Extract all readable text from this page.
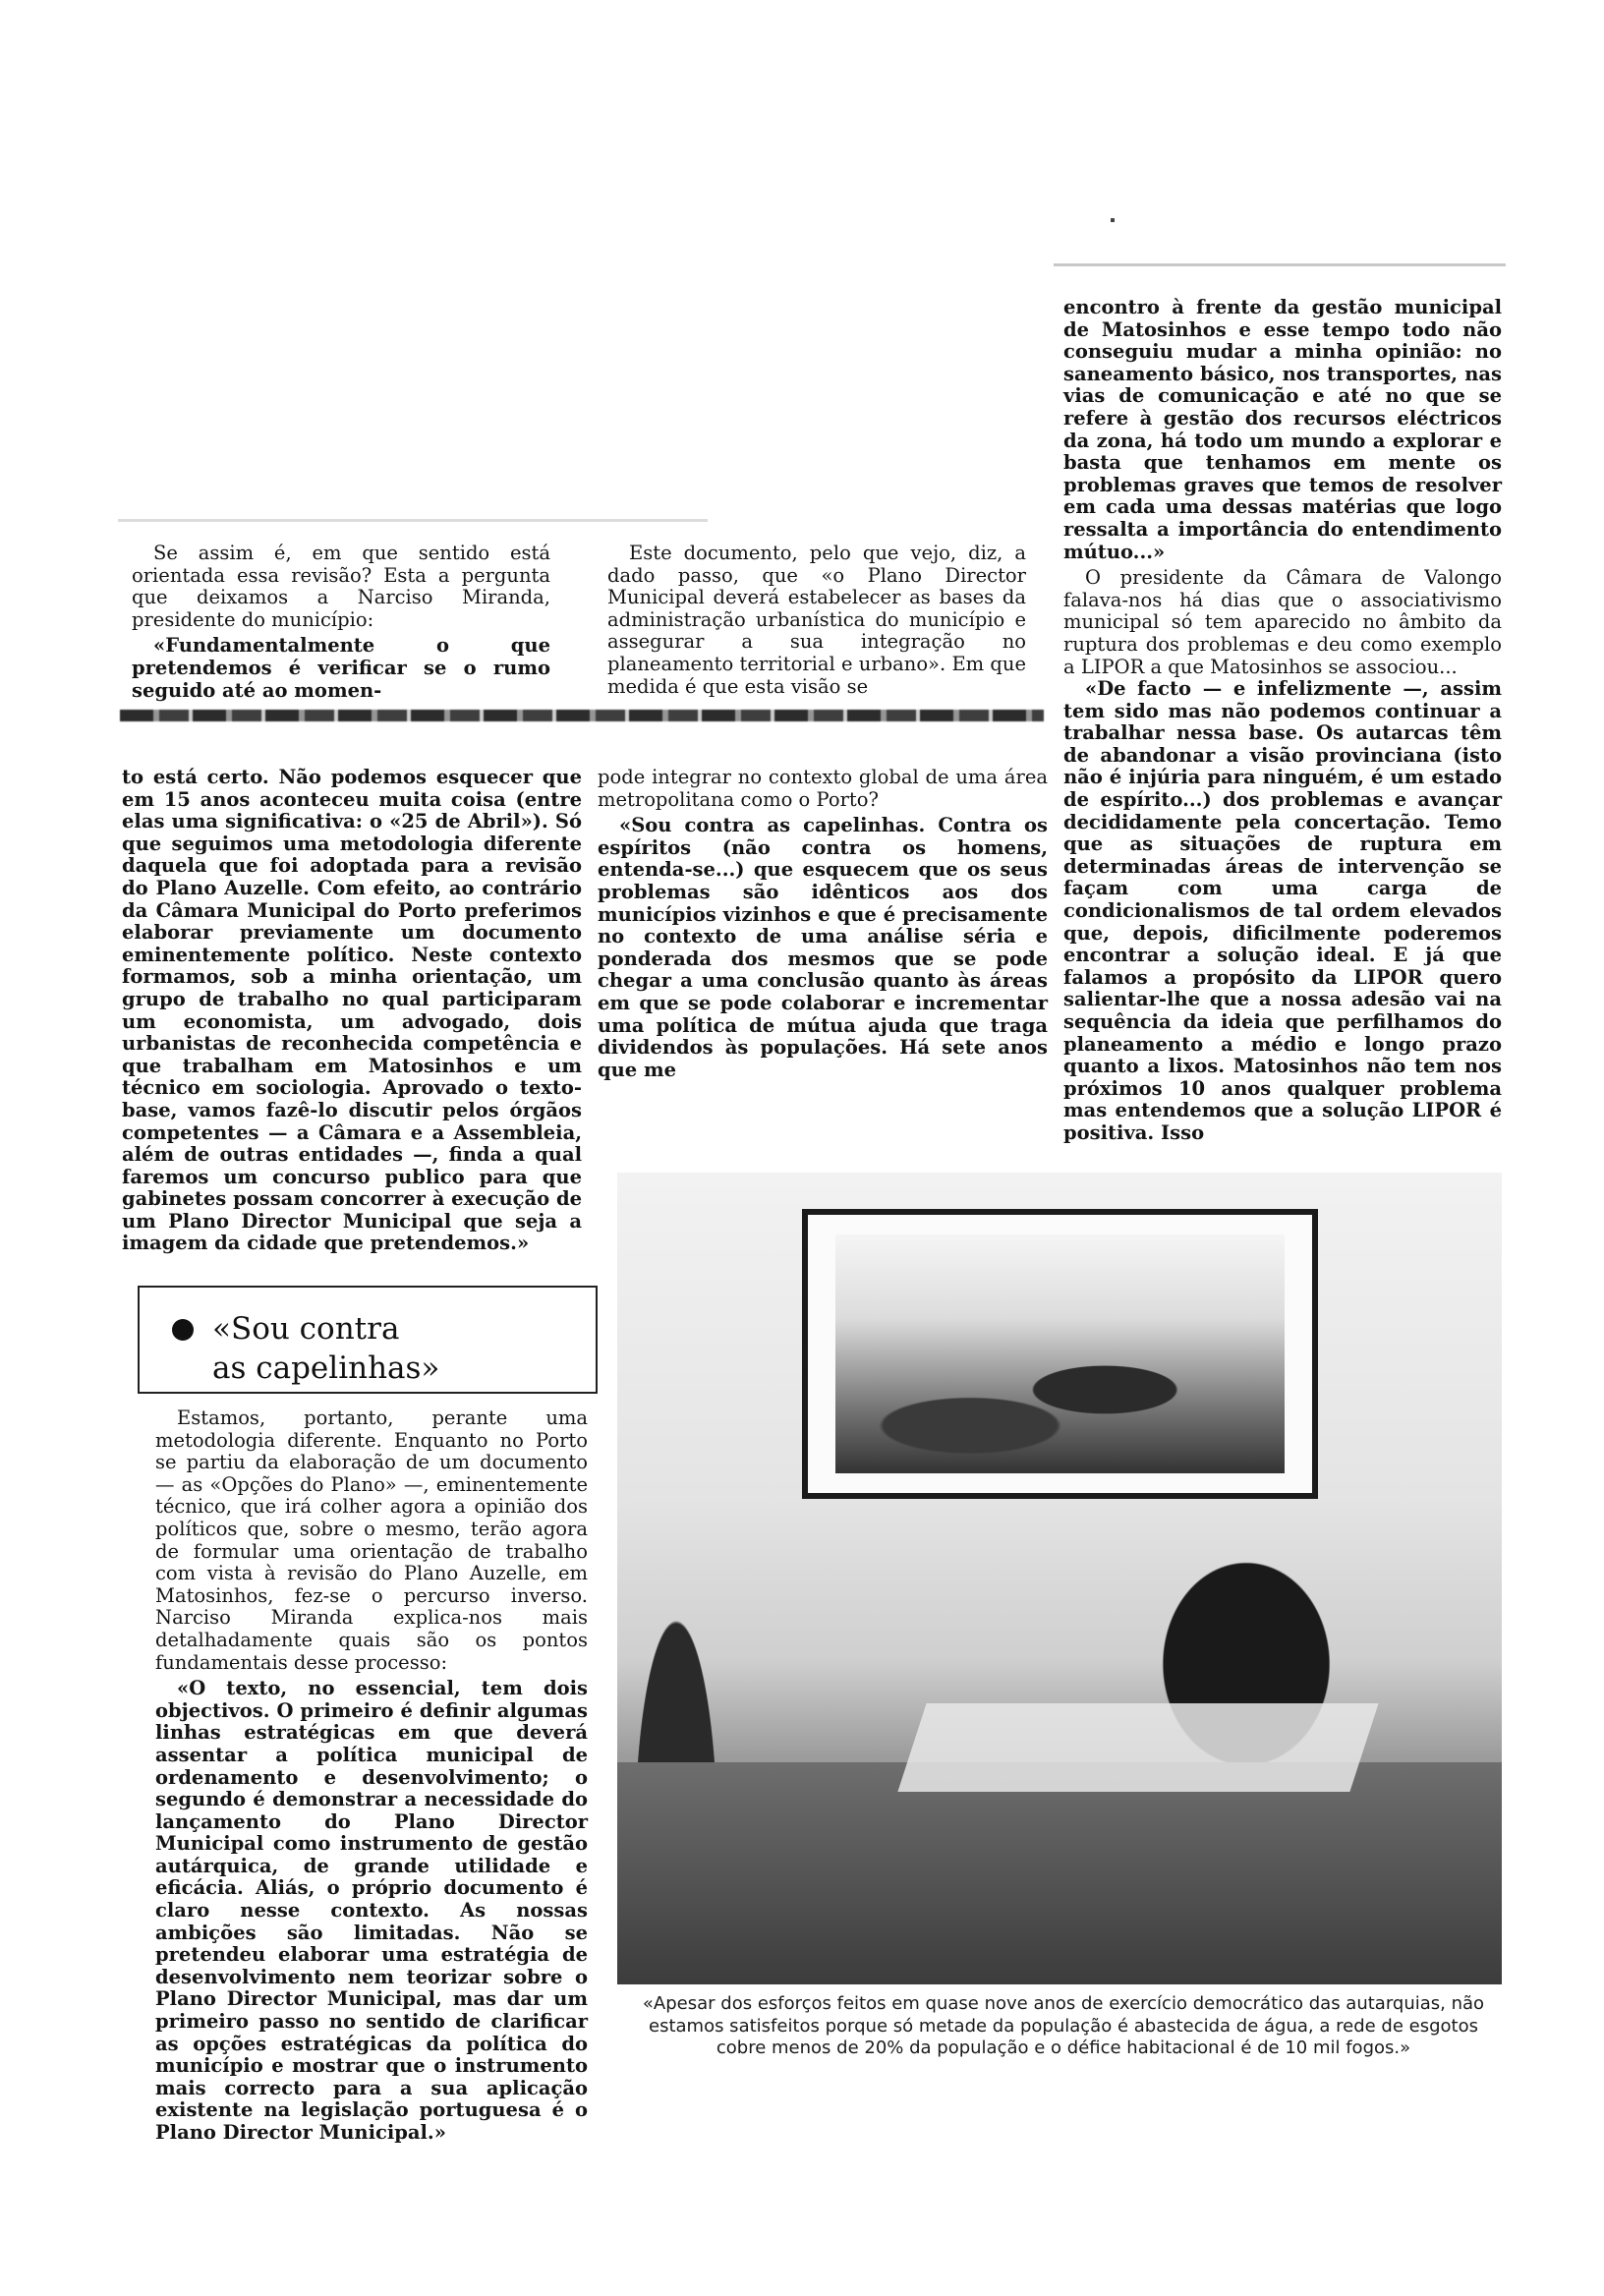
Se assim é, em que sentido está orientada essa revisão? Esta a pergunta que deixamos a Narciso Miranda, presidente do município:

«Fundamentalmente o que pretendemos é verificar se o rumo seguido até ao momen-

Este documento, pelo que vejo, diz, a dado passo, que «o Plano Director Municipal deverá estabelecer as bases da administração urbanística do município e assegurar a sua integração no planeamento territorial e urbano». Em que medida é que esta visão se

encontro à frente da gestão municipal de Matosinhos e esse tempo todo não conseguiu mudar a minha opinião: no saneamento básico, nos transportes, nas vias de comunicação e até no que se refere à gestão dos recursos eléctricos da zona, há todo um mundo a explorar e basta que tenhamos em mente os problemas graves que temos de resolver em cada uma dessas matérias que logo ressalta a importância do entendimento mútuo...»

O presidente da Câmara de Valongo falava-nos há dias que o associativismo municipal só tem aparecido no âmbito da ruptura dos problemas e deu como exemplo a LIPOR a que Matosinhos se associou...

to está certo. Não podemos esquecer que em 15 anos aconteceu muita coisa (entre elas uma significativa: o «25 de Abril»). Só que seguimos uma metodologia diferente daquela que foi adoptada para a revisão do Plano Auzelle. Com efeito, ao contrário da Câmara Municipal do Porto preferimos elaborar previamente um documento eminentemente político. Neste contexto formamos, sob a minha orientação, um grupo de trabalho no qual participaram um economista, um advogado, dois urbanistas de reconhecida competência e que trabalham em Matosinhos e um técnico em sociologia. Aprovado o texto-base, vamos fazê-lo discutir pelos órgãos competentes — a Câmara e a Assembleia, além de outras entidades —, finda a qual faremos um concurso publico para que gabinetes possam concorrer à execução de um Plano Director Municipal que seja a imagem da cidade que pretendemos.»

pode integrar no contexto global de uma área metropolitana como o Porto?

«Sou contra as capelinhas. Contra os espíritos (não contra os homens, entenda-se...) que esquecem que os seus problemas são idênticos aos dos municípios vizinhos e que é precisamente no contexto de uma análise séria e ponderada dos mesmos que se pode chegar a uma conclusão quanto às áreas em que se pode colaborar e incrementar uma política de mútua ajuda que traga dividendos às populações. Há sete anos que me

«De facto — e infelizmente —, assim tem sido mas não podemos continuar a trabalhar nessa base. Os autarcas têm de abandonar a visão provinciana (isto não é injúria para ninguém, é um estado de espírito...) dos problemas e avançar decididamente pela concertação. Temo que as situações de ruptura em determinadas áreas de intervenção se façam com uma carga de condicionalismos de tal ordem elevados que, depois, dificilmente poderemos encontrar a solução ideal. E já que falamos a propósito da LIPOR quero salientar-lhe que a nossa adesão vai na sequência da ideia que perfilhamos do planeamento a médio e longo prazo quanto a lixos. Matosinhos não tem nos próximos 10 anos qualquer problema mas entendemos que a solução LIPOR é positiva. Isso

«Sou contra
as capelinhas»

Estamos, portanto, perante uma metodologia diferente. Enquanto no Porto se partiu da elaboração de um documento — as «Opções do Plano» —, eminentemente técnico, que irá colher agora a opinião dos políticos que, sobre o mesmo, terão agora de formular uma orientação de trabalho com vista à revisão do Plano Auzelle, em Matosinhos, fez-se o percurso inverso. Narciso Miranda explica-nos mais detalhadamente quais são os pontos fundamentais desse processo:

«O texto, no essencial, tem dois objectivos. O primeiro é definir algumas linhas estratégicas em que deverá assentar a política municipal de ordenamento e desenvolvimento; o segundo é demonstrar a necessidade do lançamento do Plano Director Municipal como instrumento de gestão autárquica, de grande utilidade e eficácia. Aliás, o próprio documento é claro nesse contexto. As nossas ambições são limitadas. Não se pretendeu elaborar uma estratégia de desenvolvimento nem teorizar sobre o Plano Director Municipal, mas dar um primeiro passo no sentido de clarificar as opções estratégicas da política do município e mostrar que o instrumento mais correcto para a sua aplicação existente na legislação portuguesa é o Plano Director Municipal.»

«Apesar dos esforços feitos em quase nove anos de exercício democrático das autarquias, não estamos satisfeitos porque só metade da população é abastecida de água, a rede de esgotos cobre menos de 20% da população e o défice habitacional é de 10 mil fogos.»
